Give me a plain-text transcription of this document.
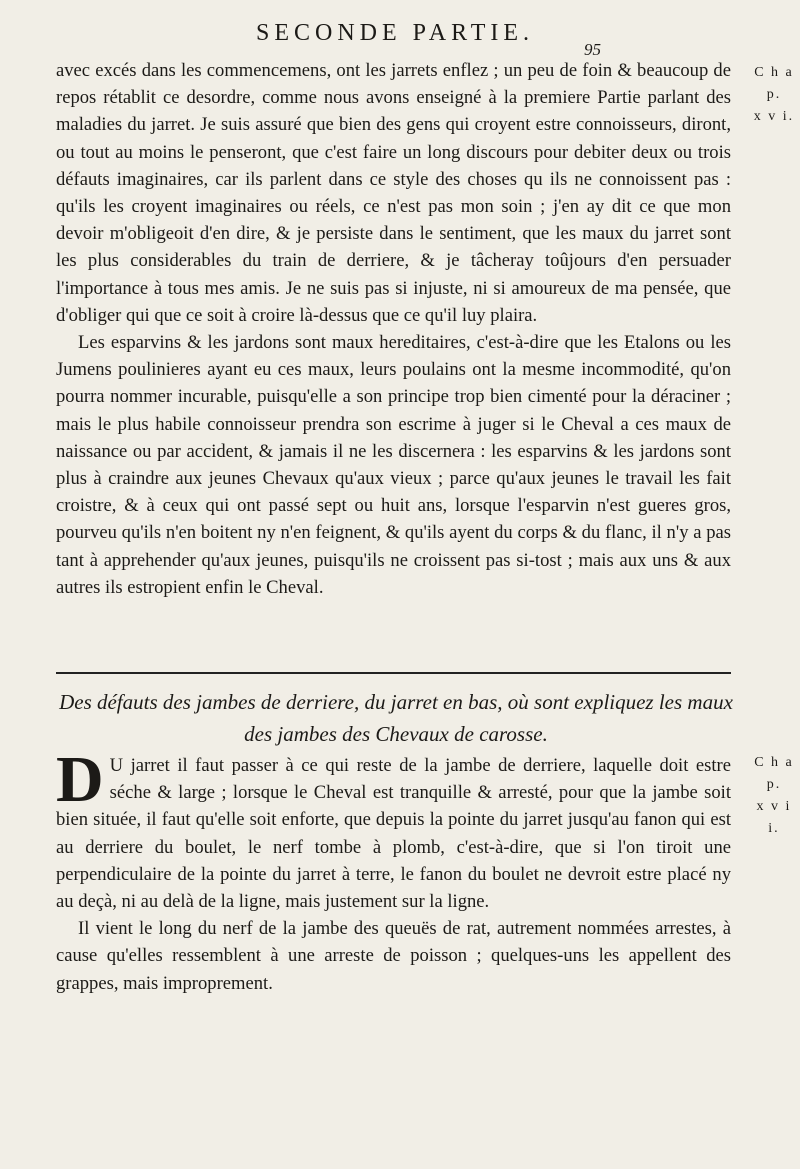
SECONDE PARTIE.
95
C h a p.
x v i.

avec excés dans les commencemens, ont les jarrets enflez ; un peu de foin & beaucoup de repos rétablit ce desordre, comme nous avons enseigné à la premiere Partie parlant des maladies du jarret. Je suis assuré que bien des gens qui croyent estre connoisseurs, diront, ou tout au moins le penseront, que c'est faire un long discours pour debiter deux ou trois défauts imaginaires, car ils parlent dans ce style des choses qu ils ne connoissent pas : qu'ils les croyent imaginaires ou réels, ce n'est pas mon soin ; j'en ay dit ce que mon devoir m'obligeoit d'en dire, & je persiste dans le sentiment, que les maux du jarret sont les plus considerables du train de derriere, & je tâcheray toûjours d'en persuader l'importance à tous mes amis. Je ne suis pas si injuste, ni si amoureux de ma pensée, que d'obliger qui que ce soit à croire là-dessus que ce qu'il luy plaira.

Les esparvins & les jardons sont maux hereditaires, c'est-à-dire que les Etalons ou les Jumens poulinieres ayant eu ces maux, leurs poulains ont la mesme incommodité, qu'on pourra nommer incurable, puisqu'elle a son principe trop bien cimenté pour la déraciner ; mais le plus habile connoisseur prendra son escrime à juger si le Cheval a ces maux de naissance ou par accident, & jamais il ne les discernera : les esparvins & les jardons sont plus à craindre aux jeunes Chevaux qu'aux vieux ; parce qu'aux jeunes le travail les fait croistre, & à ceux qui ont passé sept ou huit ans, lorsque l'esparvin n'est gueres gros, pourveu qu'ils n'en boitent ny n'en feignent, & qu'ils ayent du corps & du flanc, il n'y a pas tant à apprehender qu'aux jeunes, puisqu'ils ne croissent pas si-tost ; mais aux uns & aux autres ils estropient enfin le Cheval.

Des défauts des jambes de derriere, du jarret en bas, où sont expliquez les maux des jambes des Chevaux de carosse.
C h a p.
x v i i.

D U jarret il faut passer à ce qui reste de la jambe de derriere, laquelle doit estre séche & large ; lorsque le Cheval est tranquille & arresté, pour que la jambe soit bien située, il faut qu'elle soit enforte, que depuis la pointe du jarret jusqu'au fanon qui est au derriere du boulet, le nerf tombe à plomb, c'est-à-dire, que si l'on tiroit une perpendiculaire de la pointe du jarret à terre, le fanon du boulet ne devroit estre placé ny au deçà, ni au delà de la ligne, mais justement sur la ligne.

Il vient le long du nerf de la jambe des queuës de rat, autrement nommées arrestes, à cause qu'elles ressemblent à une arreste de poisson ; quelques-uns les appellent des grappes, mais improprement.
